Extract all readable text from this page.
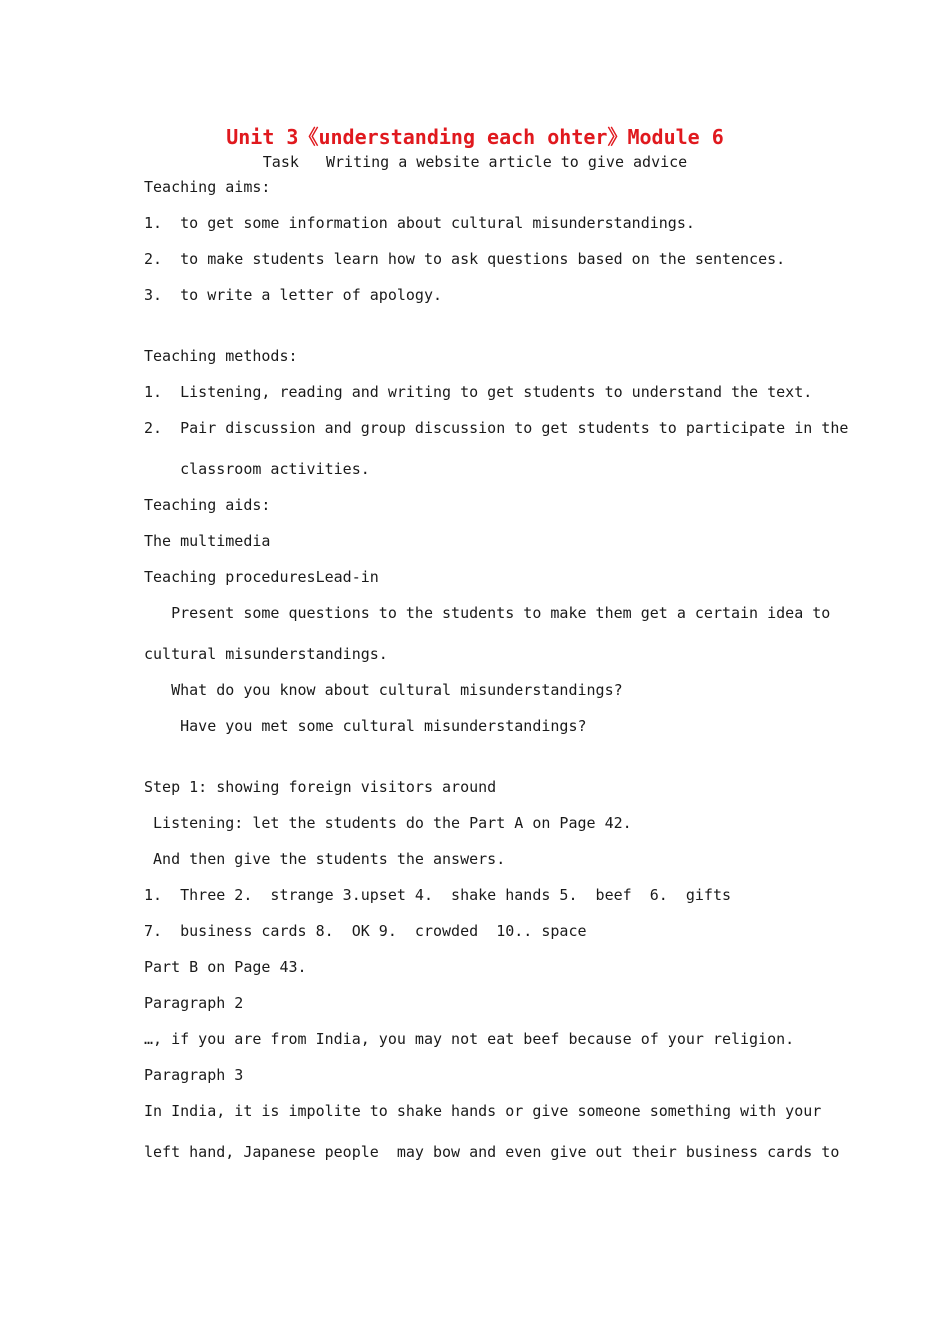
Unit 3《understanding each ohter》Module 6
Task   Writing a website article to give advice
Teaching aims:
1.  to get some information about cultural misunderstandings.
2.  to make students learn how to ask questions based on the sentences.
3.  to write a letter of apology.
Teaching methods:
1.  Listening, reading and writing to get students to understand the text.
2.  Pair discussion and group discussion to get students to participate in the
classroom activities.
Teaching aids:
The multimedia
Teaching proceduresLead-in
Present some questions to the students to make them get a certain idea to
cultural misunderstandings.
What do you know about cultural misunderstandings?
Have you met some cultural misunderstandings?
Step 1: showing foreign visitors around
Listening: let the students do the Part A on Page 42.
And then give the students the answers.
1.  Three 2.  strange 3.upset 4.  shake hands 5.  beef  6.  gifts
7.  business cards 8.  OK 9.  crowded  10.. space
Part B on Page 43.
Paragraph 2
…, if you are from India, you may not eat beef because of your religion.
Paragraph 3
In India, it is impolite to shake hands or give someone something with your
left hand, Japanese people  may bow and even give out their business cards to
